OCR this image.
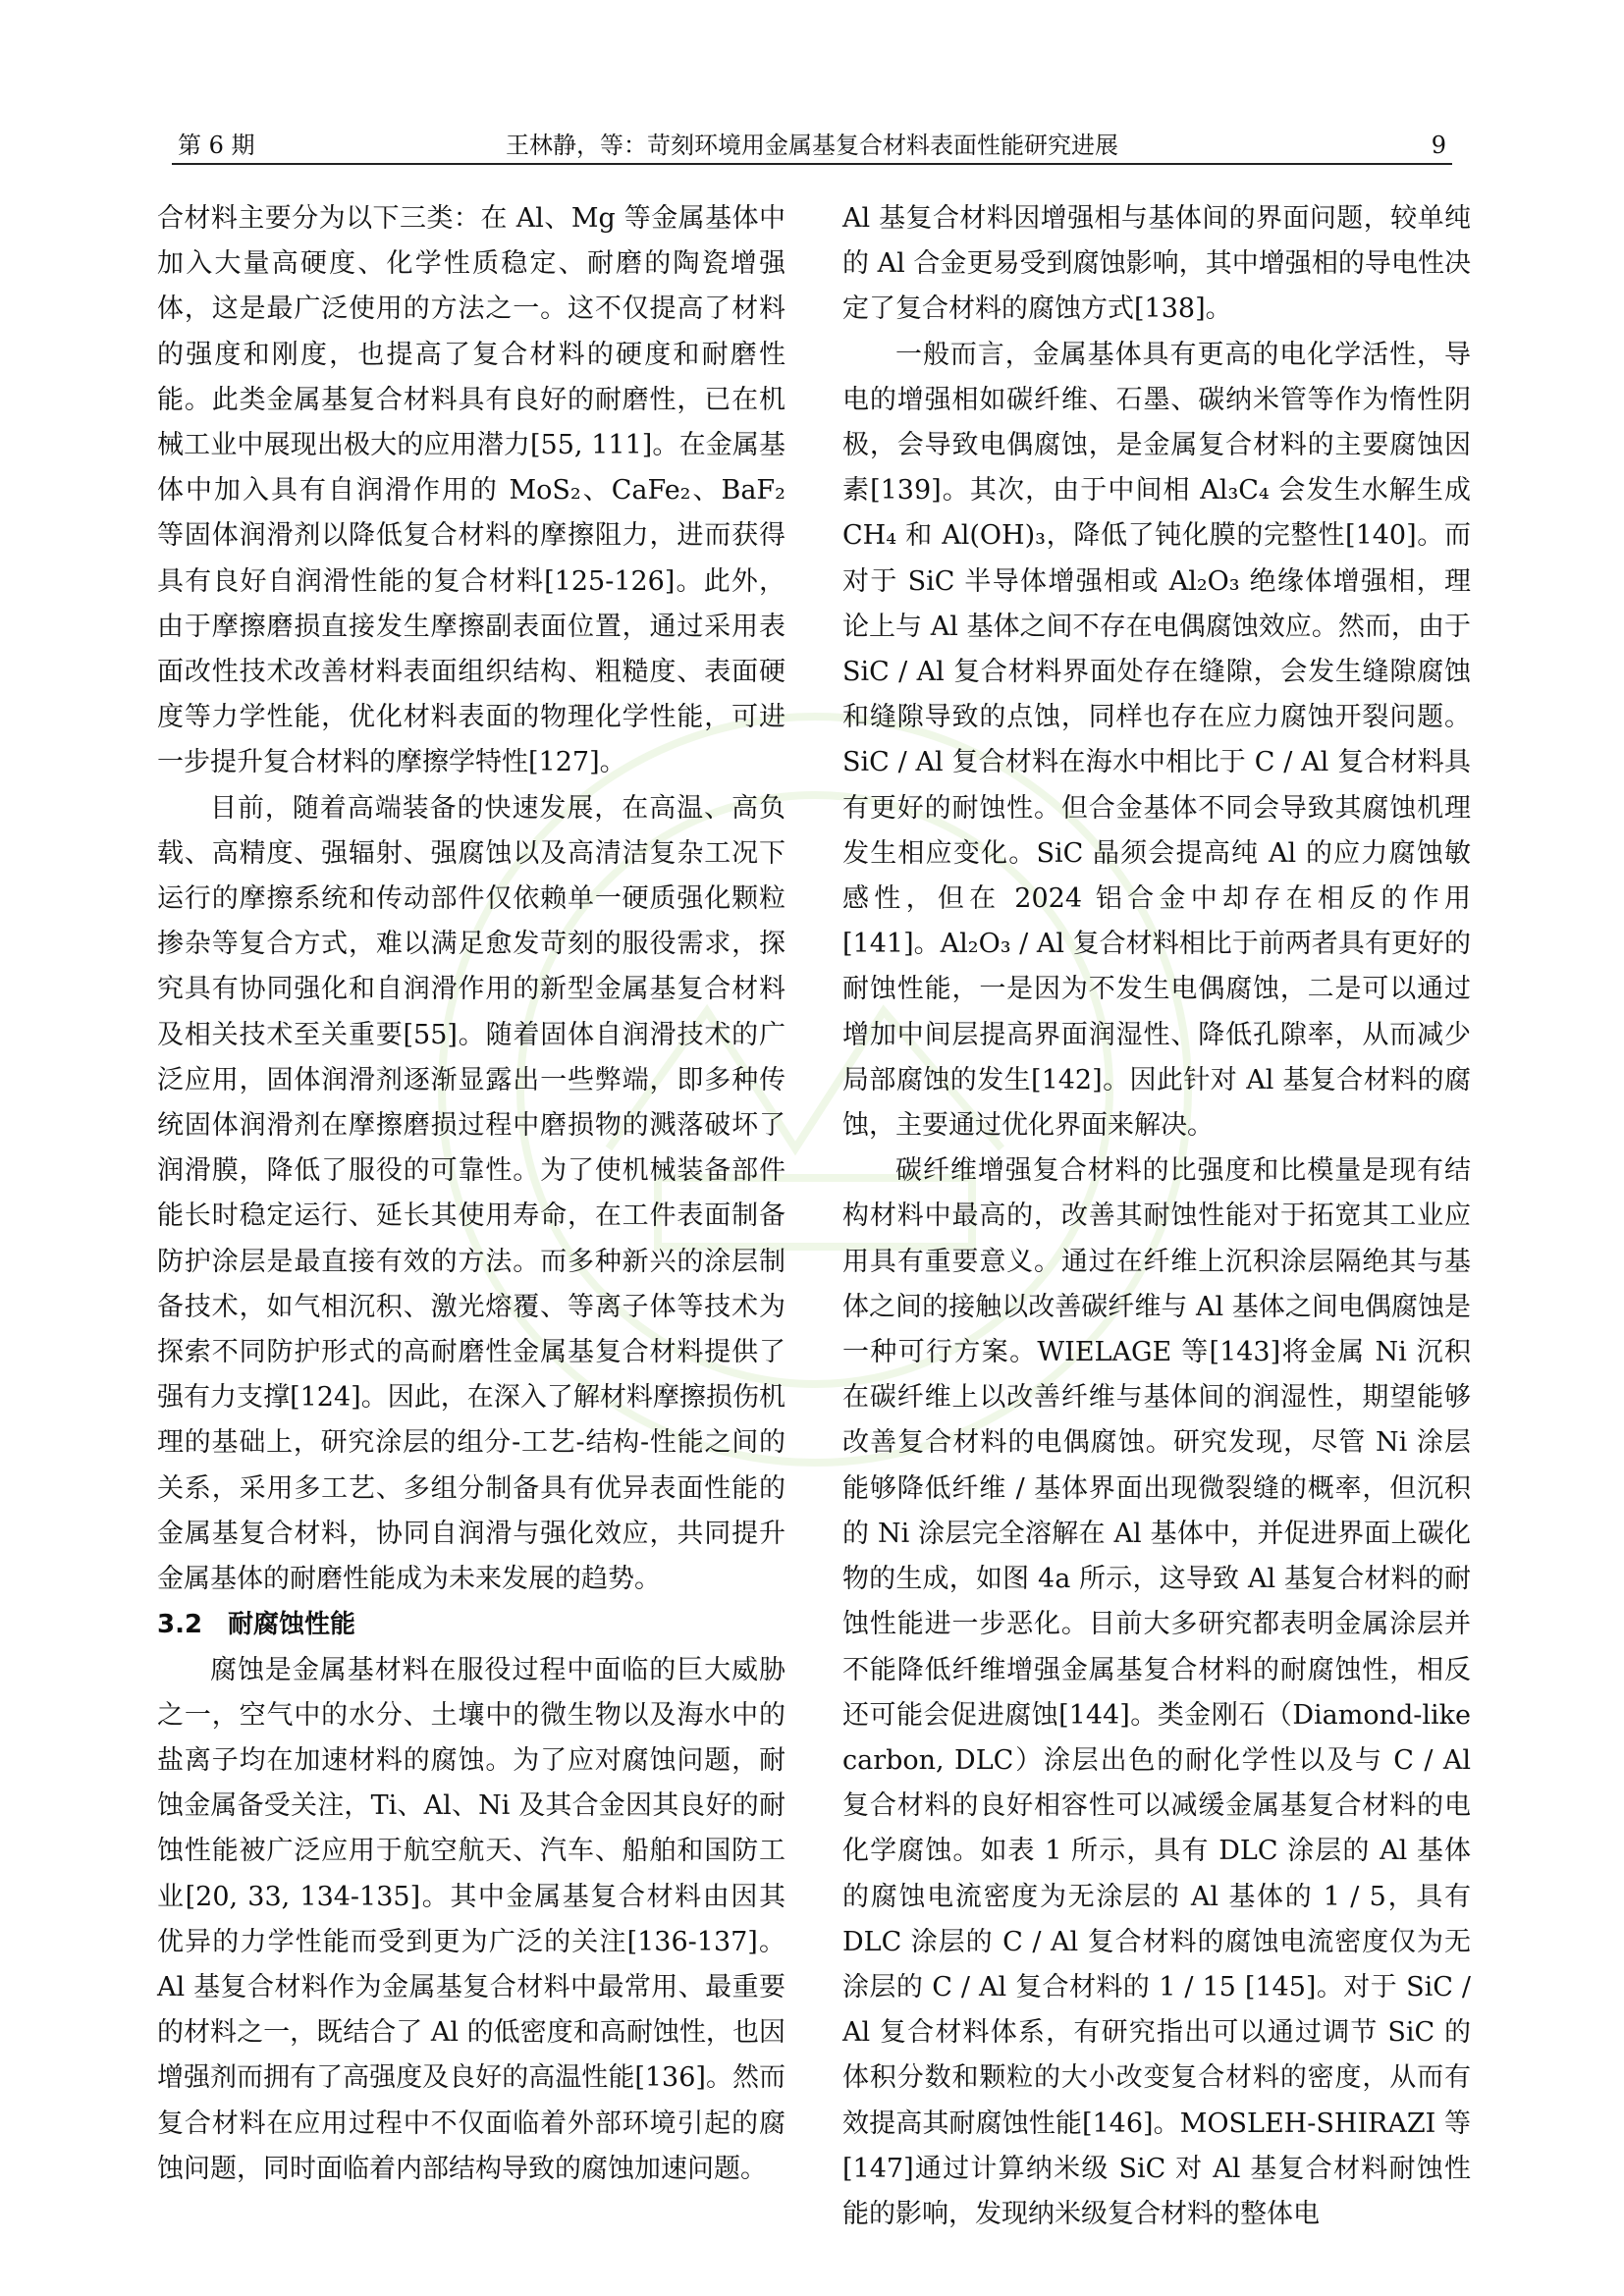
第 6 期	王林静，等：苛刻环境用金属基复合材料表面性能研究进展	9

合材料主要分为以下三类：在 Al、Mg 等金属基体中加入大量高硬度、化学性质稳定、耐磨的陶瓷增强体，这是最广泛使用的方法之一。这不仅提高了材料的强度和刚度，也提高了复合材料的硬度和耐磨性能。此类金属基复合材料具有良好的耐磨性，已在机械工业中展现出极大的应用潜力[55, 111]。在金属基体中加入具有自润滑作用的 MoS₂、CaFe₂、BaF₂ 等固体润滑剂以降低复合材料的摩擦阻力，进而获得具有良好自润滑性能的复合材料[125-126]。此外，由于摩擦磨损直接发生摩擦副表面位置，通过采用表面改性技术改善材料表面组织结构、粗糙度、表面硬度等力学性能，优化材料表面的物理化学性能，可进一步提升复合材料的摩擦学特性[127]。

目前，随着高端装备的快速发展，在高温、高负载、高精度、强辐射、强腐蚀以及高清洁复杂工况下运行的摩擦系统和传动部件仅依赖单一硬质强化颗粒掺杂等复合方式，难以满足愈发苛刻的服役需求，探究具有协同强化和自润滑作用的新型金属基复合材料及相关技术至关重要[55]。随着固体自润滑技术的广泛应用，固体润滑剂逐渐显露出一些弊端，即多种传统固体润滑剂在摩擦磨损过程中磨损物的溅落破坏了润滑膜，降低了服役的可靠性。为了使机械装备部件能长时稳定运行、延长其使用寿命，在工件表面制备防护涂层是最直接有效的方法。而多种新兴的涂层制备技术，如气相沉积、激光熔覆、等离子体等技术为探索不同防护形式的高耐磨性金属基复合材料提供了强有力支撑[124]。因此，在深入了解材料摩擦损伤机理的基础上，研究涂层的组分-工艺-结构-性能之间的关系，采用多工艺、多组分制备具有优异表面性能的金属基复合材料，协同自润滑与强化效应，共同提升金属基体的耐磨性能成为未来发展的趋势。

3.2　耐腐蚀性能

腐蚀是金属基材料在服役过程中面临的巨大威胁之一，空气中的水分、土壤中的微生物以及海水中的盐离子均在加速材料的腐蚀。为了应对腐蚀问题，耐蚀金属备受关注，Ti、Al、Ni 及其合金因其良好的耐蚀性能被广泛应用于航空航天、汽车、船舶和国防工业[20, 33, 134-135]。其中金属基复合材料由因其优异的力学性能而受到更为广泛的关注[136-137]。Al 基复合材料作为金属基复合材料中最常用、最重要的材料之一，既结合了 Al 的低密度和高耐蚀性，也因增强剂而拥有了高强度及良好的高温性能[136]。然而复合材料在应用过程中不仅面临着外部环境引起的腐蚀问题，同时面临着内部结构导致的腐蚀加速问题。

Al 基复合材料因增强相与基体间的界面问题，较单纯的 Al 合金更易受到腐蚀影响，其中增强相的导电性决定了复合材料的腐蚀方式[138]。

一般而言，金属基体具有更高的电化学活性，导电的增强相如碳纤维、石墨、碳纳米管等作为惰性阴极，会导致电偶腐蚀，是金属复合材料的主要腐蚀因素[139]。其次，由于中间相 Al₃C₄ 会发生水解生成 CH₄ 和 Al(OH)₃，降低了钝化膜的完整性[140]。而对于 SiC 半导体增强相或 Al₂O₃ 绝缘体增强相，理论上与 Al 基体之间不存在电偶腐蚀效应。然而，由于 SiC / Al 复合材料界面处存在缝隙，会发生缝隙腐蚀和缝隙导致的点蚀，同样也存在应力腐蚀开裂问题。SiC / Al 复合材料在海水中相比于 C / Al 复合材料具有更好的耐蚀性。但合金基体不同会导致其腐蚀机理发生相应变化。SiC 晶须会提高纯 Al 的应力腐蚀敏感性，但在 2024 铝合金中却存在相反的作用[141]。Al₂O₃ / Al 复合材料相比于前两者具有更好的耐蚀性能，一是因为不发生电偶腐蚀，二是可以通过增加中间层提高界面润湿性、降低孔隙率，从而减少局部腐蚀的发生[142]。因此针对 Al 基复合材料的腐蚀，主要通过优化界面来解决。

碳纤维增强复合材料的比强度和比模量是现有结构材料中最高的，改善其耐蚀性能对于拓宽其工业应用具有重要意义。通过在纤维上沉积涂层隔绝其与基体之间的接触以改善碳纤维与 Al 基体之间电偶腐蚀是一种可行方案。WIELAGE 等[143]将金属 Ni 沉积在碳纤维上以改善纤维与基体间的润湿性，期望能够改善复合材料的电偶腐蚀。研究发现，尽管 Ni 涂层能够降低纤维 / 基体界面出现微裂缝的概率，但沉积的 Ni 涂层完全溶解在 Al 基体中，并促进界面上碳化物的生成，如图 4a 所示，这导致 Al 基复合材料的耐蚀性能进一步恶化。目前大多研究都表明金属涂层并不能降低纤维增强金属基复合材料的耐腐蚀性，相反还可能会促进腐蚀[144]。类金刚石（Diamond-like carbon, DLC）涂层出色的耐化学性以及与 C / Al 复合材料的良好相容性可以减缓金属基复合材料的电化学腐蚀。如表 1 所示，具有 DLC 涂层的 Al 基体的腐蚀电流密度为无涂层的 Al 基体的 1 / 5，具有 DLC 涂层的 C / Al 复合材料的腐蚀电流密度仅为无涂层的 C / Al 复合材料的 1 / 15 [145]。对于 SiC / Al 复合材料体系，有研究指出可以通过调节 SiC 的体积分数和颗粒的大小改变复合材料的密度，从而有效提高其耐腐蚀性能[146]。MOSLEH-SHIRAZI 等[147]通过计算纳米级 SiC 对 Al 基复合材料耐蚀性能的影响，发现纳米级复合材料的整体电
